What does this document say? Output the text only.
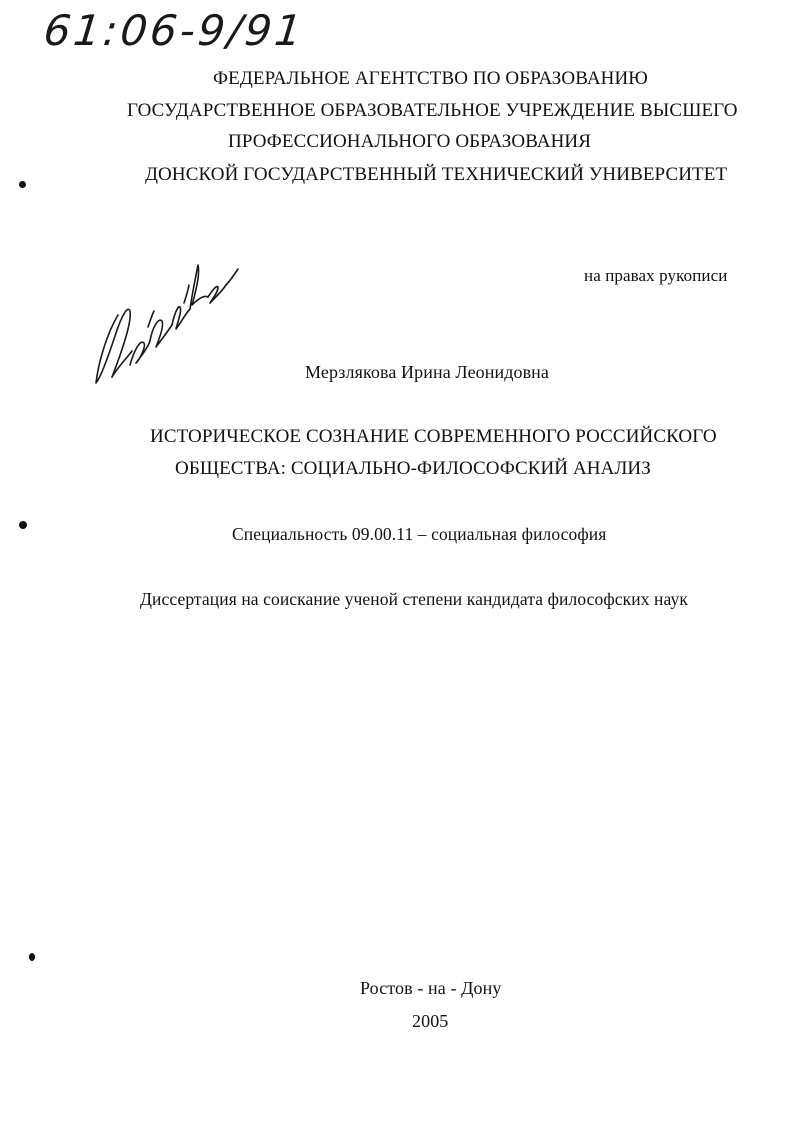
61:06-9/91
ФЕДЕРАЛЬНОЕ АГЕНТСТВО ПО ОБРАЗОВАНИЮ
ГОСУДАРСТВЕННОЕ ОБРАЗОВАТЕЛЬНОЕ УЧРЕЖДЕНИЕ ВЫСШЕГО
ПРОФЕССИОНАЛЬНОГО ОБРАЗОВАНИЯ
ДОНСКОЙ ГОСУДАРСТВЕННЫЙ ТЕХНИЧЕСКИЙ УНИВЕРСИТЕТ
на правах рукописи
Мерзлякова Ирина Леонидовна
ИСТОРИЧЕСКОЕ СОЗНАНИЕ СОВРЕМЕННОГО РОССИЙСКОГО
ОБЩЕСТВА: СОЦИАЛЬНО-ФИЛОСОФСКИЙ АНАЛИЗ
Специальность 09.00.11 – социальная философия
Диссертация на соискание ученой степени кандидата философских наук
Ростов - на - Дону
2005
